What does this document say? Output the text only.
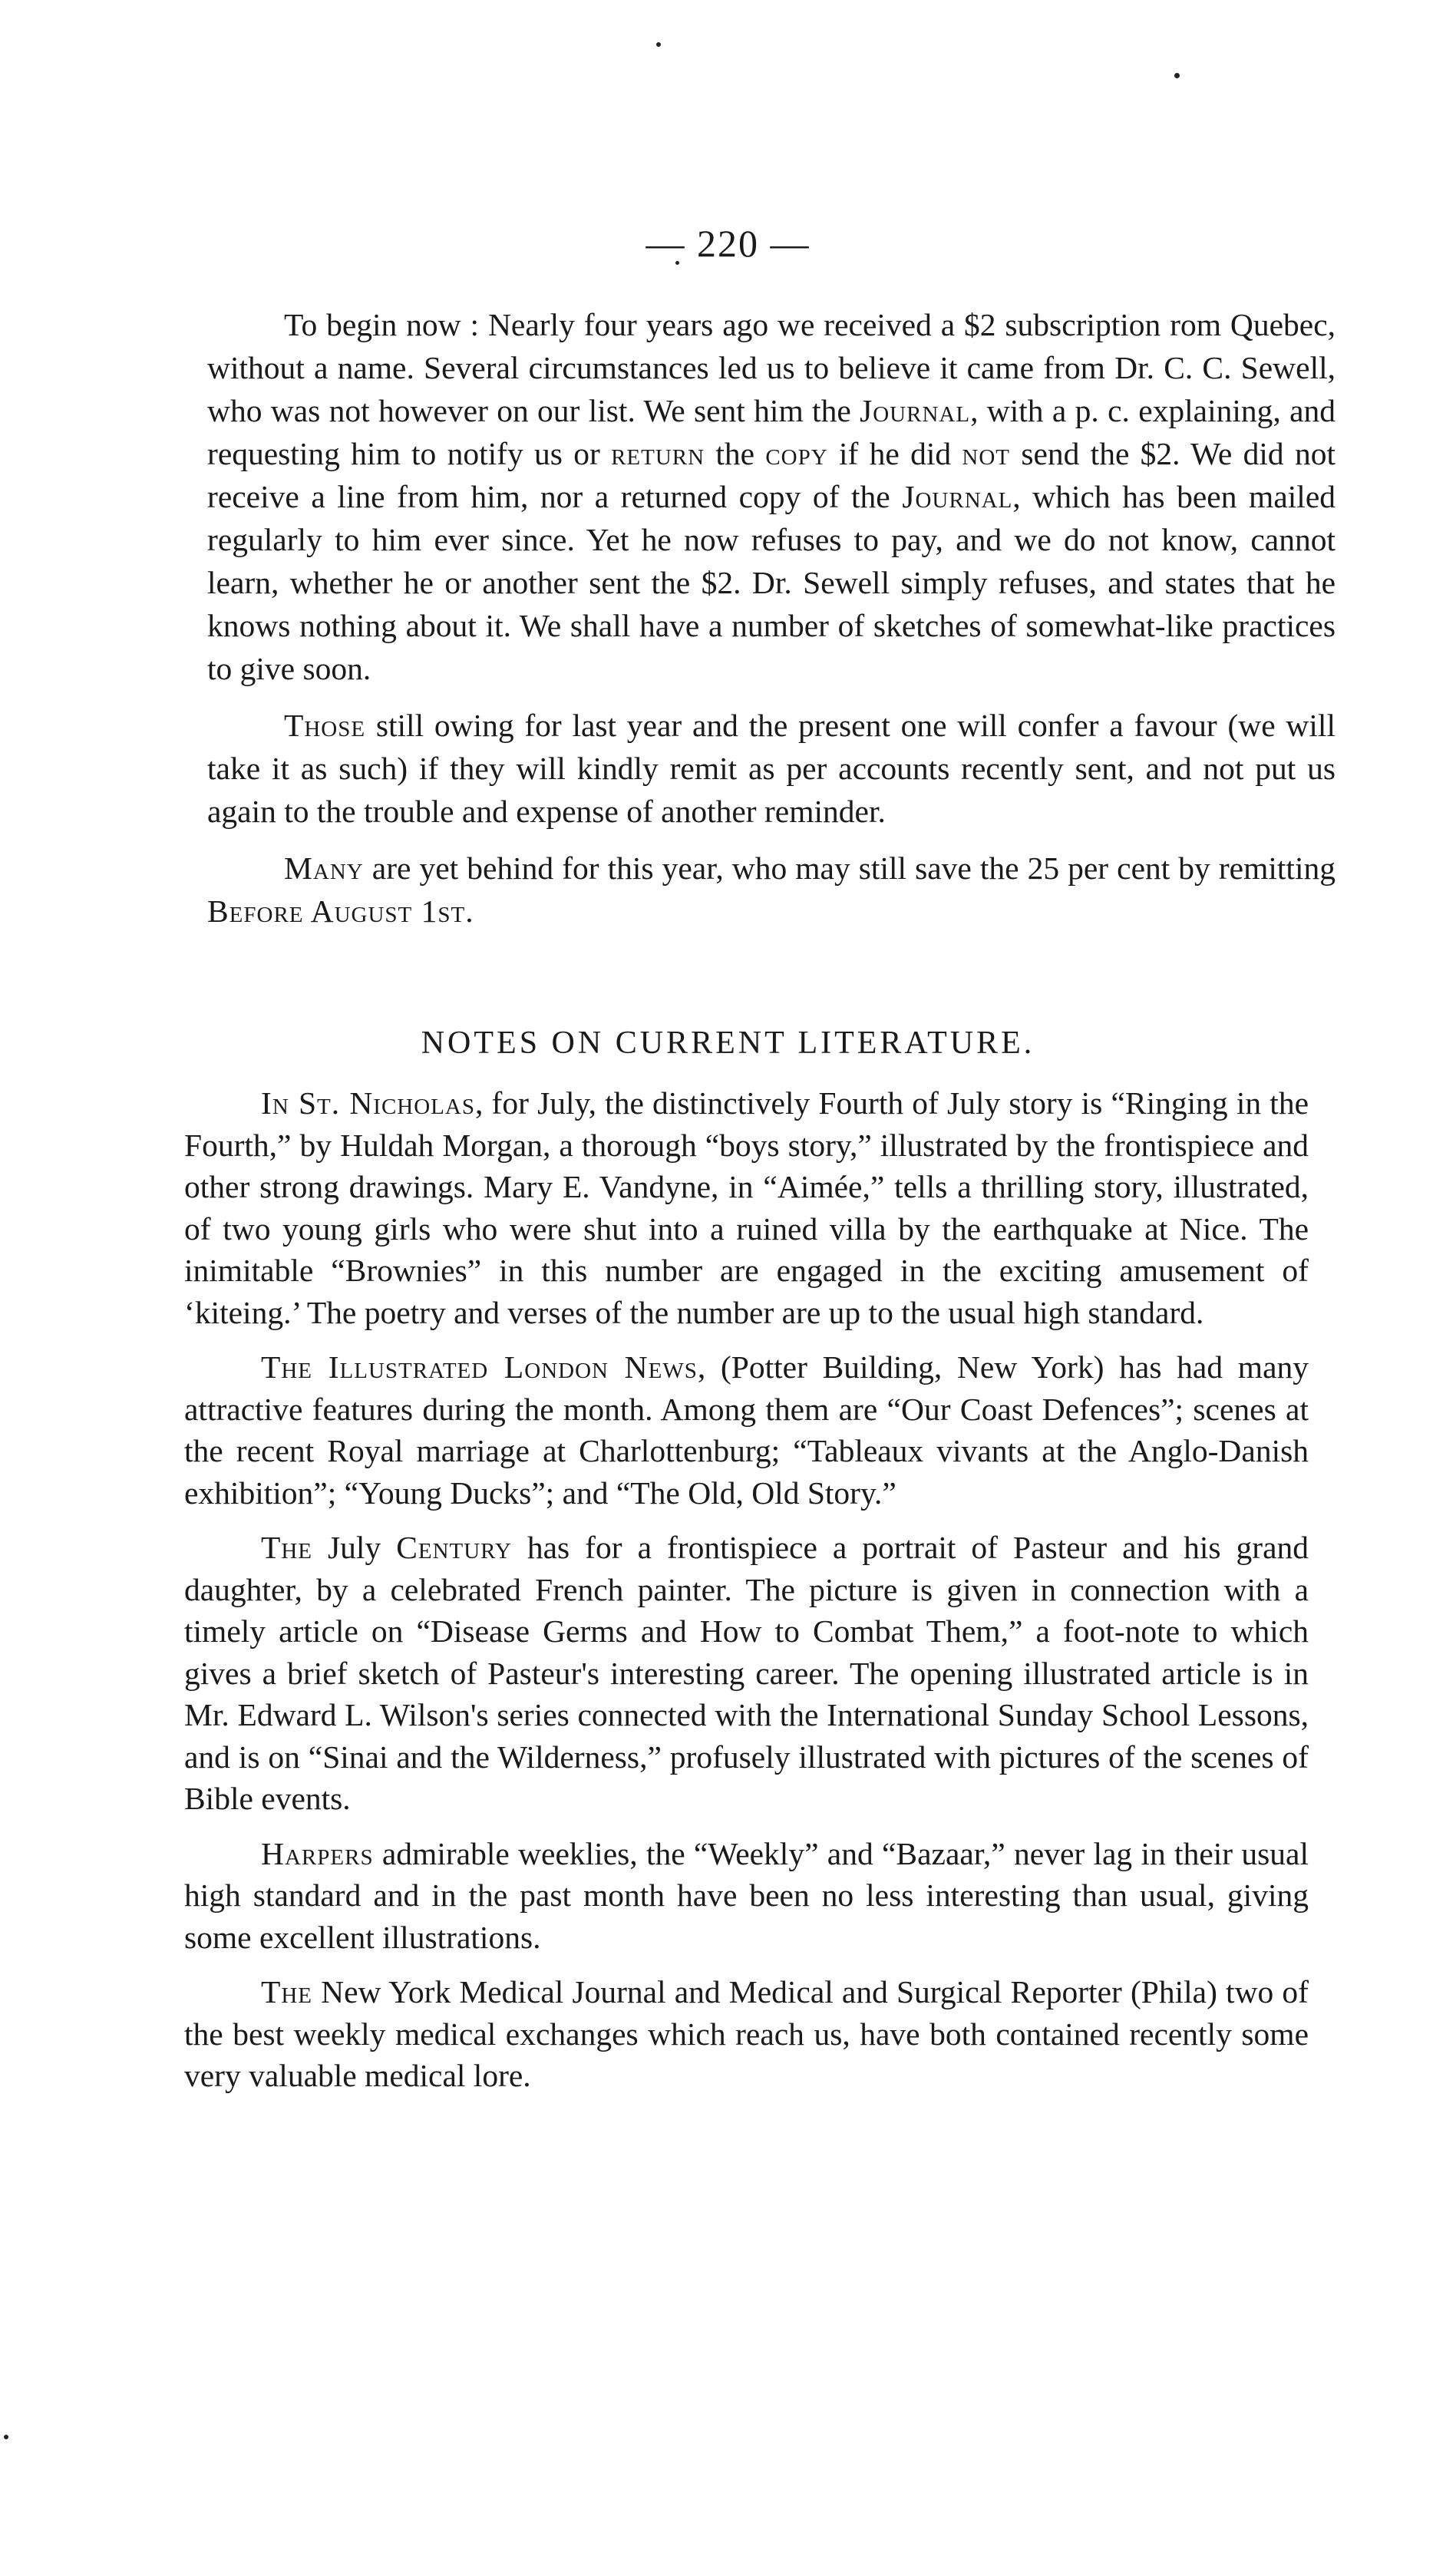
— 220 —

To begin now : Nearly four years ago we received a $2 subscription rom Quebec, without a name. Several circumstances led us to believe it came from Dr. C. C. Sewell, who was not however on our list. We sent him the Journal, with a p. c. explaining, and requesting him to notify us or return the copy if he did not send the $2. We did not receive a line from him, nor a returned copy of the Journal, which has been mailed regularly to him ever since. Yet he now refuses to pay, and we do not know, cannot learn, whether he or another sent the $2. Dr. Sewell simply refuses, and states that he knows nothing about it. We shall have a number of sketches of somewhat-like practices to give soon.

Those still owing for last year and the present one will confer a favour (we will take it as such) if they will kindly remit as per accounts recently sent, and not put us again to the trouble and expense of another reminder.

Many are yet behind for this year, who may still save the 25 per cent by remitting Before August 1st.

NOTES ON CURRENT LITERATURE.

In St. Nicholas, for July, the distinctively Fourth of July story is “Ringing in the Fourth,” by Huldah Morgan, a thorough “boys story,” illustrated by the frontispiece and other strong drawings. Mary E. Vandyne, in “Aimée,” tells a thrilling story, illustrated, of two young girls who were shut into a ruined villa by the earthquake at Nice. The inimitable “Brownies” in this number are engaged in the exciting amusement of ‘kiteing.’ The poetry and verses of the number are up to the usual high standard.

The Illustrated London News, (Potter Building, New York) has had many attractive features during the month. Among them are “Our Coast Defences”; scenes at the recent Royal marriage at Charlottenburg; “Tableaux vivants at the Anglo-Danish exhibition”; “Young Ducks”; and “The Old, Old Story.”

The July Century has for a frontispiece a portrait of Pasteur and his grand daughter, by a celebrated French painter. The picture is given in connection with a timely article on “Disease Germs and How to Combat Them,” a foot-note to which gives a brief sketch of Pasteur's interesting career. The opening illustrated article is in Mr. Edward L. Wilson's series connected with the International Sunday School Lessons, and is on “Sinai and the Wilderness,” profusely illustrated with pictures of the scenes of Bible events.

Harpers admirable weeklies, the “Weekly” and “Bazaar,” never lag in their usual high standard and in the past month have been no less interesting than usual, giving some excellent illustrations.

The New York Medical Journal and Medical and Surgical Reporter (Phila) two of the best weekly medical exchanges which reach us, have both contained recently some very valuable medical lore.
